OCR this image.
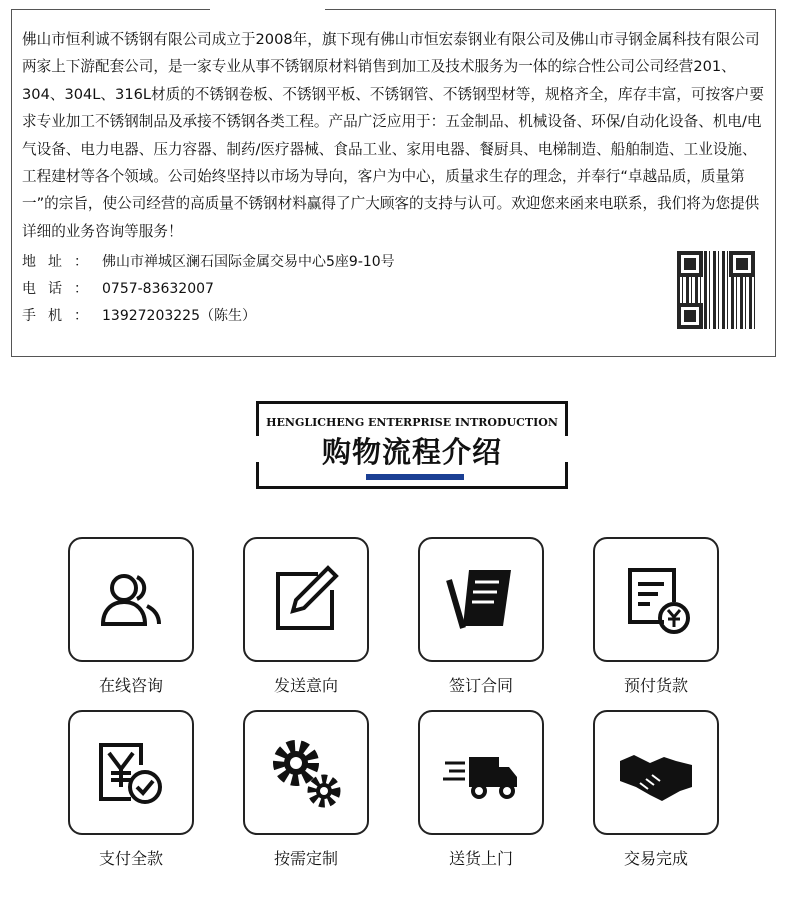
佛山市恒利诚不锈钢有限公司成立于2008年，旗下现有佛山市恒宏泰钢业有限公司及佛山市寻钢金属科技有限公司两家上下游配套公司，是一家专业从事不锈钢原材料销售到加工及技术服务为一体的综合性公司公司经营201、304、304L、316L材质的不锈钢卷板、不锈钢平板、不锈钢管、不锈钢型材等，规格齐全，库存丰富，可按客户要求专业加工不锈钢制品及承接不锈钢各类工程。产品广泛应用于：五金制品、机械设备、环保/自动化设备、机电/电气设备、电力电器、压力容器、制药/医疗器械、食品工业、家用电器、餐厨具、电梯制造、船舶制造、工业设施、工程建材等各个领域。公司始终坚持以市场为导向，客户为中心，质量求生存的理念，并奉行“卓越品质，质量第一”的宗旨，使公司经营的高质量不锈钢材料赢得了广大顾客的支持与认可。欢迎您来函来电联系，我们将为您提供详细的业务咨询等服务！
地址： 佛山市禅城区澜石国际金属交易中心5座9-10号
电话： 0757-83632007
手机： 13927203225（陈生）
HENGLICHENG ENTERPRISE INTRODUCTION
购物流程介绍
在线咨询	发送意向	签订合同	预付货款
支付全款	按需定制	送货上门	交易完成
